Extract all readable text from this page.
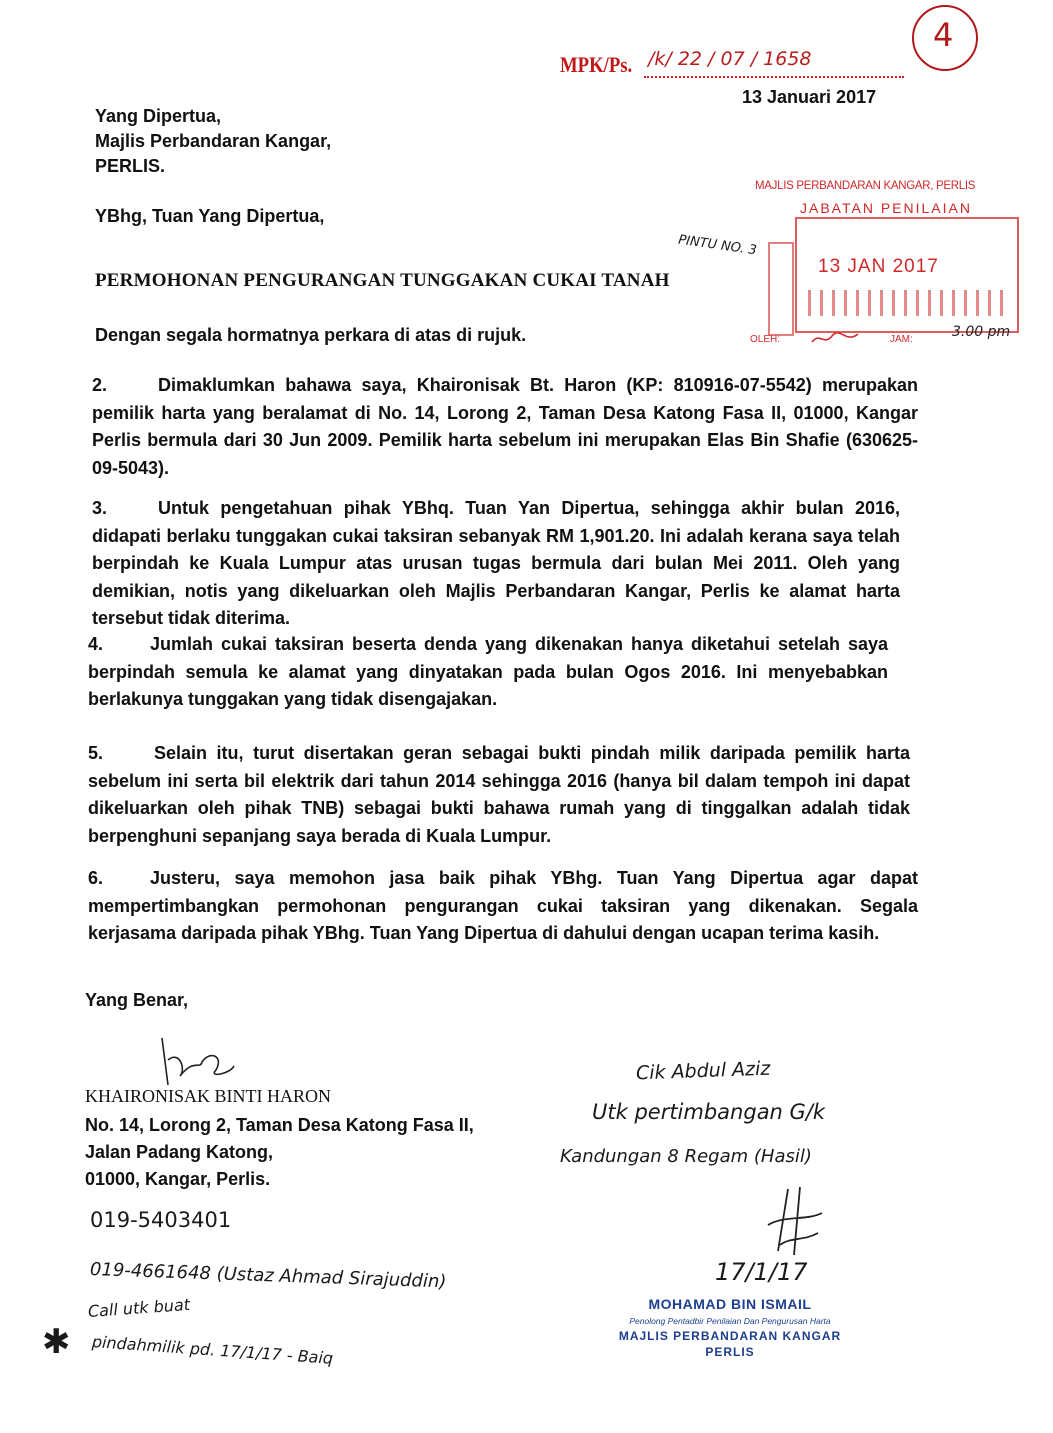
MPK/Ps. /k/ 22 / 07 / 1658
4
13 Januari 2017
Yang Dipertua,
Majlis Perbandaran Kangar,
PERLIS.
YBhg, Tuan Yang Dipertua,
PERMOHONAN PENGURANGAN TUNGGAKAN CUKAI TANAH
PINTU NO. 3
MAJLIS PERBANDARAN KANGAR, PERLIS
JABATAN PENILAIAN
13 JAN 2017
OLEH:	JAM:	3.00 pm
Dengan segala hormatnya perkara di atas di rujuk.
2.	Dimaklumkan bahawa saya, Khaironisak Bt. Haron (KP: 810916-07-5542) merupakan pemilik harta yang beralamat di No. 14, Lorong 2, Taman Desa Katong Fasa II, 01000, Kangar Perlis bermula dari 30 Jun 2009. Pemilik harta sebelum ini merupakan Elas Bin Shafie (630625-09-5043).
3.	Untuk pengetahuan pihak YBhq. Tuan Yan Dipertua, sehingga akhir bulan 2016, didapati berlaku tunggakan cukai taksiran sebanyak RM 1,901.20. Ini adalah kerana saya telah berpindah ke Kuala Lumpur atas urusan tugas bermula dari bulan Mei 2011. Oleh yang demikian, notis yang dikeluarkan oleh Majlis Perbandaran Kangar, Perlis ke alamat harta tersebut tidak diterima.
4.	Jumlah cukai taksiran beserta denda yang dikenakan hanya diketahui setelah saya berpindah semula ke alamat yang dinyatakan pada bulan Ogos 2016. Ini menyebabkan berlakunya tunggakan yang tidak disengajakan.
5.	Selain itu, turut disertakan geran sebagai bukti pindah milik daripada pemilik harta sebelum ini serta bil elektrik dari tahun 2014 sehingga 2016 (hanya bil dalam tempoh ini dapat dikeluarkan oleh pihak TNB) sebagai bukti bahawa rumah yang di tinggalkan adalah tidak berpenghuni sepanjang saya berada di Kuala Lumpur.
6.	Justeru, saya memohon jasa baik pihak YBhg. Tuan Yang Dipertua agar dapat mempertimbangkan permohonan pengurangan cukai taksiran yang dikenakan. Segala kerjasama daripada pihak YBhg. Tuan Yang Dipertua di dahului dengan ucapan terima kasih.
Yang Benar,
KHAIRONISAK BINTI HARON
No. 14, Lorong 2, Taman Desa Katong Fasa II,
Jalan Padang Katong,
01000, Kangar, Perlis.
019-5403401
019-4661648 (Ustaz Ahmad Sirajuddin)
✱
Call utk buat
pindahmilik pd. 17/1/17 - Baiq
Cik Abdul Aziz
Utk pertimbangan G/k
Kandungan 8 Regam (Hasil)
17/1/17
MOHAMAD BIN ISMAIL
Penolong Pentadbir Penilaian Dan Pengurusan Harta
MAJLIS PERBANDARAN KANGAR
PERLIS
